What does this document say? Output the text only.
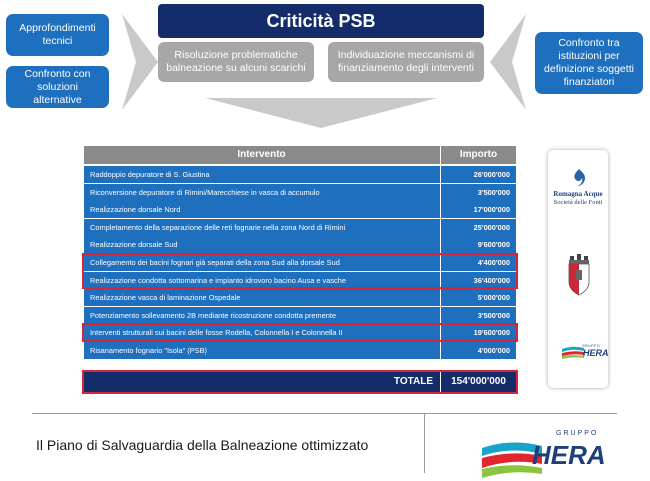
Approfondimenti tecnici
Confronto con soluzioni alternative
Criticità PSB
Risoluzione problematiche balneazione su alcuni scarichi
Individuazione meccanismi di finanziamento degli interventi
Confronto tra istituzioni per definizione soggetti finanziatori
Intervento	Importo
Raddoppio depuratore di S. Giustina	26'000'000
Riconversione depuratore di Rimini/Marecchiese in vasca di accumulo	3'500'000
Realizzazione dorsale Nord	17'000'000
Completamento della separazione delle reti fognarie nella zona Nord di Rimini	25'000'000
Realizzazione dorsale Sud	9'600'000
Collegamento dei bacini fognari già separati della zona Sud alla dorsale Sud	4'400'000
Realizzazione condotta sottomarina e impianto idrovoro bacino Ausa e vasche	36'400'000
Realizzazione vasca di laminazione Ospedale	5'000'000
Potenziamento sollevamento 2B mediante ricostruzione condotta premente	3'500'000
Interventi strutturali sui bacini delle fosse Rodella, Colonnella I e Colonnella II	19'600'000
Risanamento fognario "Isola" (PSB)	4'000'000
TOTALE	154'000'000
Romagna Acque
Società delle Fonti
GRUPPO
HERA
Il Piano di Salvaguardia della Balneazione ottimizzato
GRUPPO
HERA
